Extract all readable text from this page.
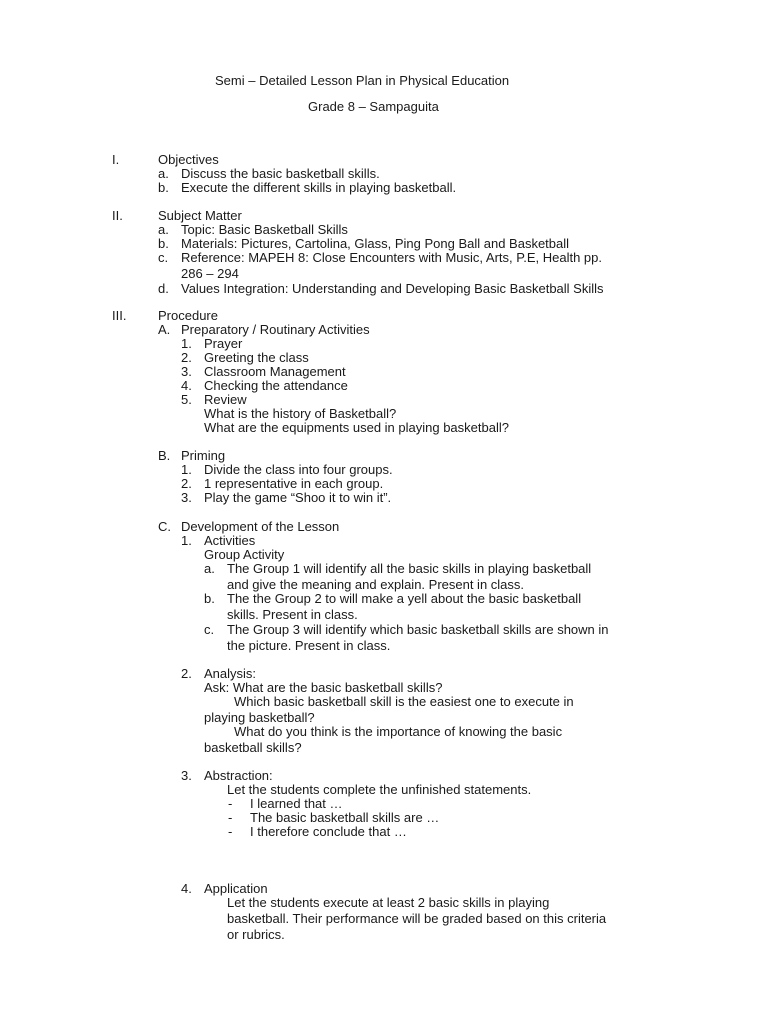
Semi – Detailed Lesson Plan in Physical Education
Grade 8 – Sampaguita
I.	Objectives
a. Discuss the basic basketball skills.
b. Execute the different skills in playing basketball.
II.	Subject Matter
a. Topic: Basic Basketball Skills
b. Materials: Pictures, Cartolina, Glass, Ping Pong Ball and Basketball
c. Reference: MAPEH 8: Close Encounters with Music, Arts, P.E, Health pp.
286 – 294
d. Values Integration: Understanding and Developing Basic Basketball Skills
III. Procedure
A. Preparatory / Routinary Activities
1. Prayer
2. Greeting the class
3. Classroom Management
4. Checking the attendance
5. Review
What is the history of Basketball?
What are the equipments used in playing basketball?
B. Priming
1. Divide the class into four groups.
2. 1 representative in each group.
3. Play the game “Shoo it to win it”.
C. Development of the Lesson
1. Activities
Group Activity
a. The Group 1 will identify all the basic skills in playing basketball
and give the meaning and explain. Present in class.
b. The the Group 2 to will make a yell about the basic basketball
skills. Present in class.
c. The Group 3 will identify which basic basketball skills are shown in
the picture. Present in class.
2. Analysis:
Ask: What are the basic basketball skills?
Which basic basketball skill is the easiest one to execute in
playing basketball?
What do you think is the importance of knowing the basic
basketball skills?
3. Abstraction:
Let the students complete the unfinished statements.
- I learned that …
- The basic basketball skills are …
- I therefore conclude that …
4. Application
Let the students execute at least 2 basic skills in playing
basketball. Their performance will be graded based on this criteria
or rubrics.
